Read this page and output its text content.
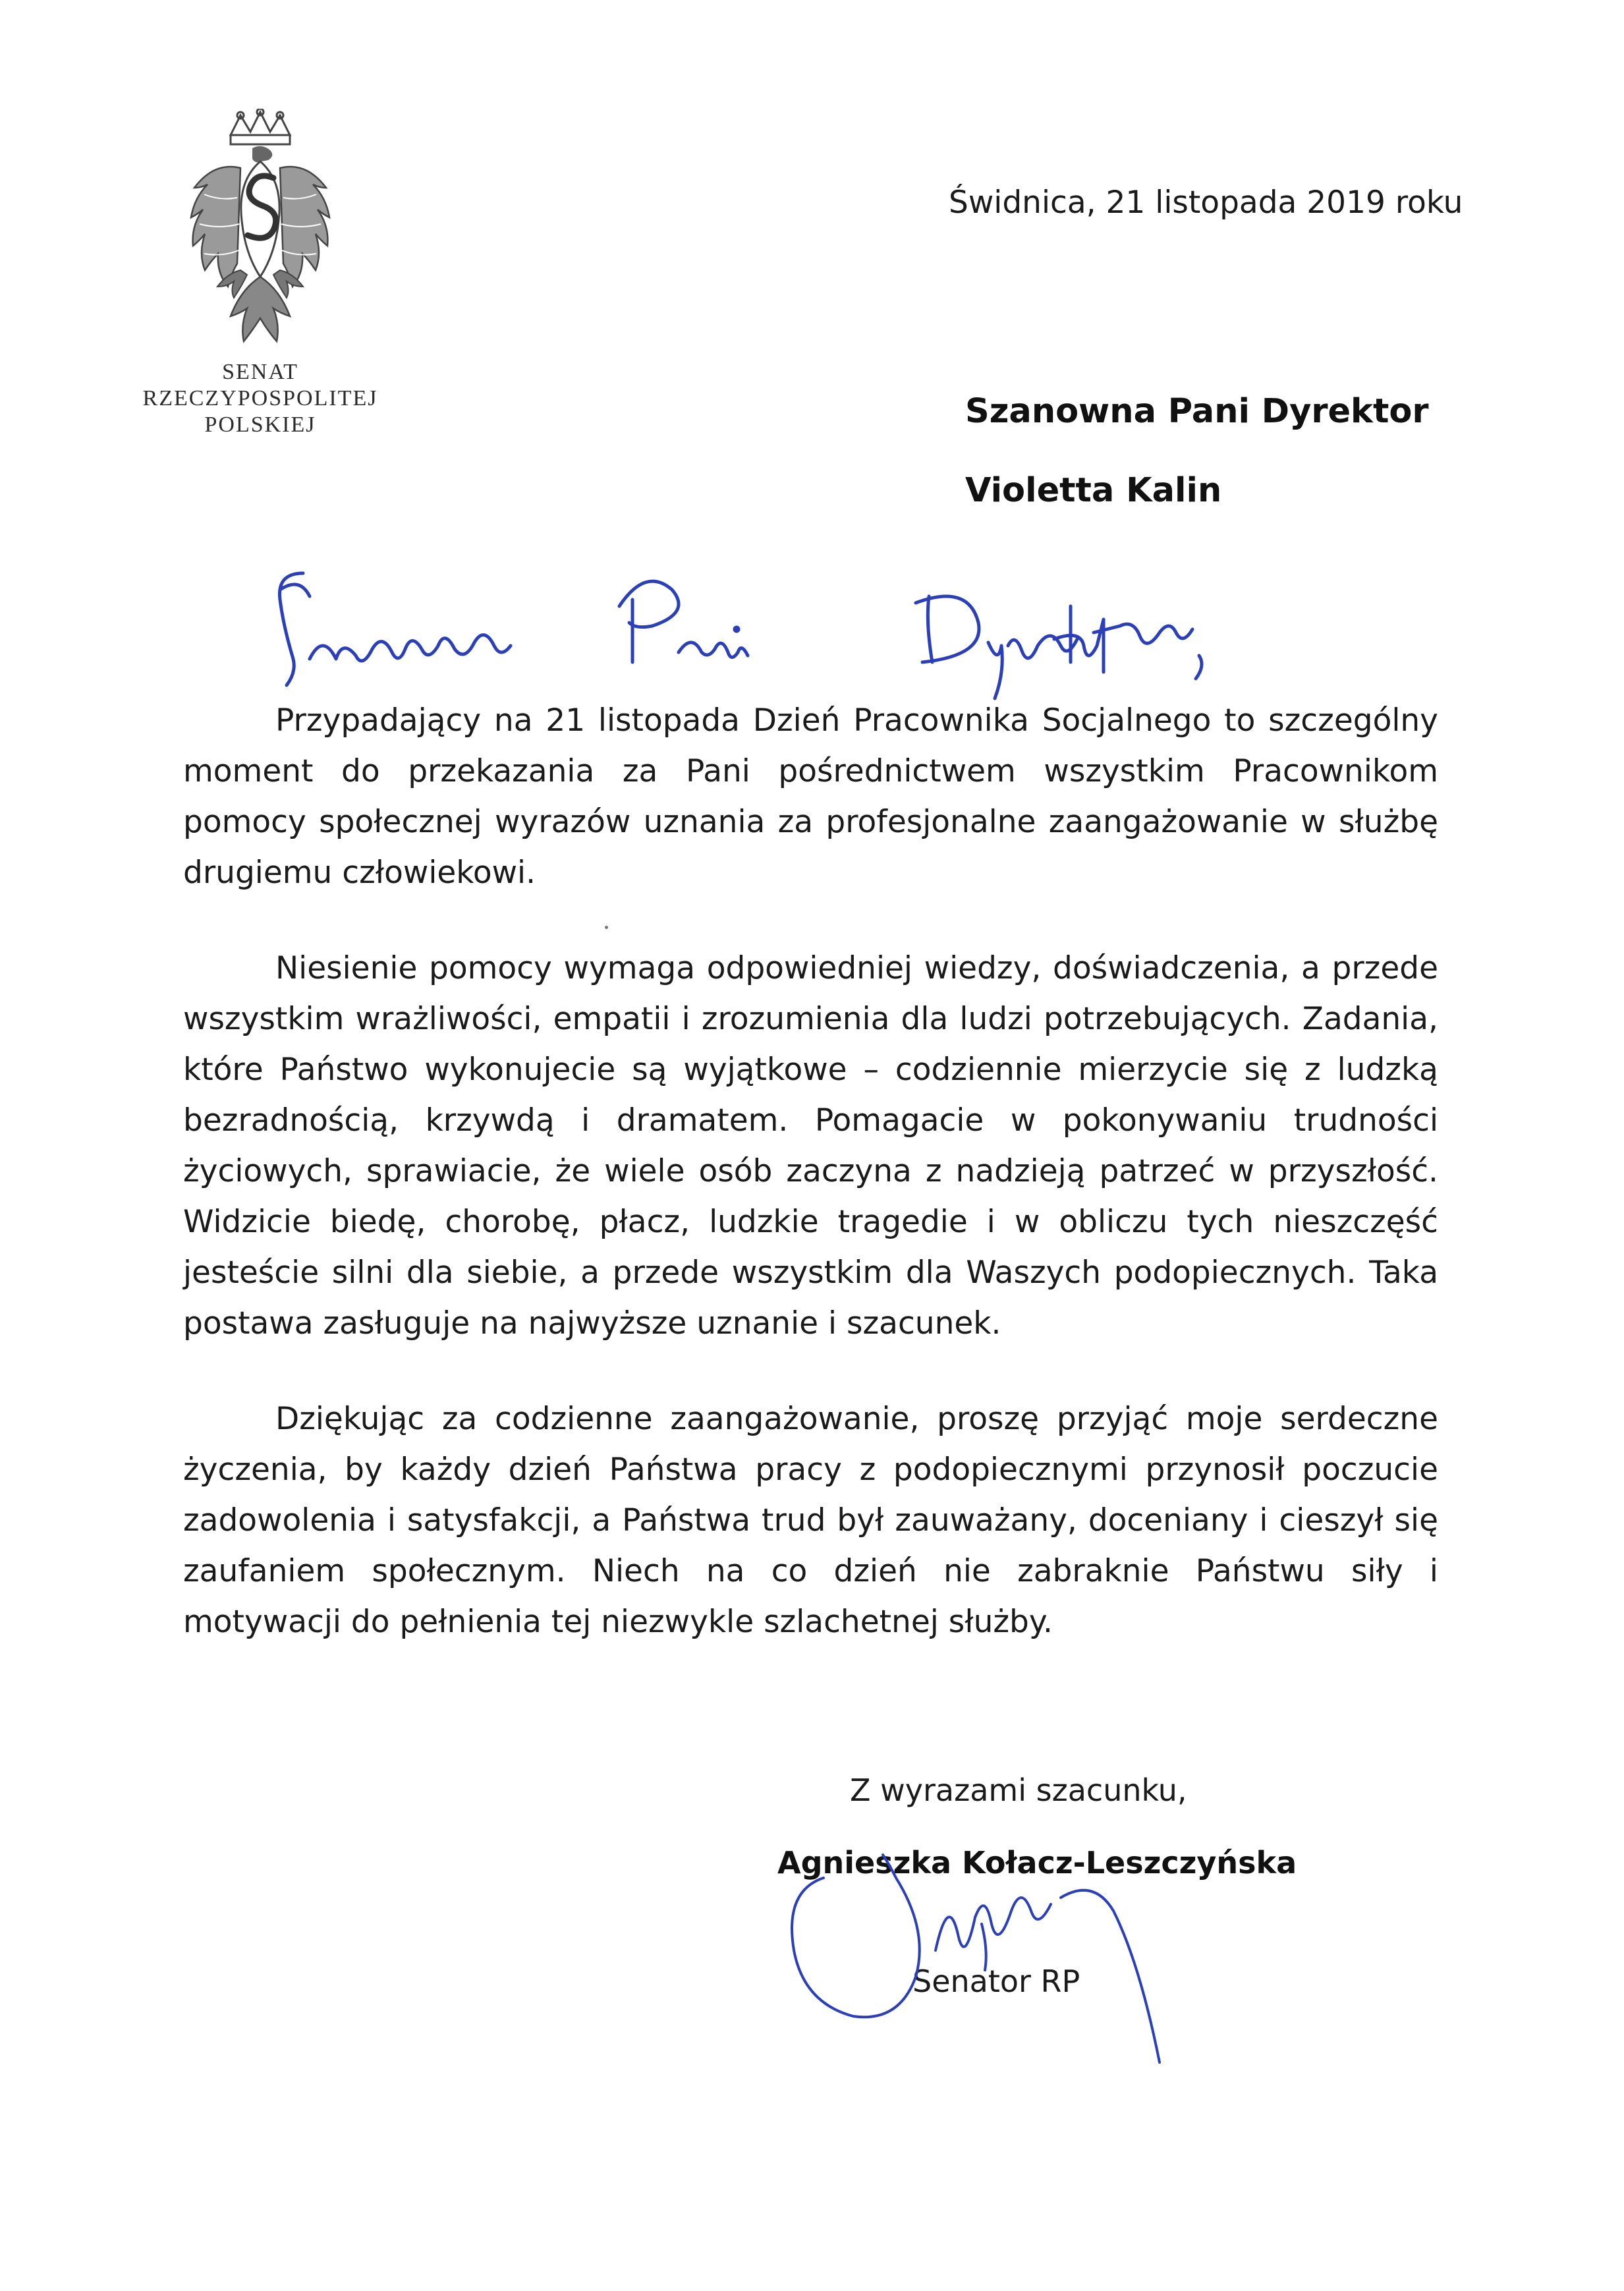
SENAT
RZECZYPOSPOLITEJ
POLSKIEJ
Świdnica, 21 listopada 2019 roku
Szanowna Pani Dyrektor
Violetta Kalin

Przypadający na 21 listopada Dzień Pracownika Socjalnego to szczególny moment do przekazania za Pani pośrednictwem wszystkim Pracownikom pomocy społecznej wyrazów uznania za profesjonalne zaangażowanie w służbę drugiemu człowiekowi.

Niesienie pomocy wymaga odpowiedniej wiedzy, doświadczenia, a przede wszystkim wrażliwości, empatii i zrozumienia dla ludzi potrzebujących. Zadania, które Państwo wykonujecie są wyjątkowe – codziennie mierzycie się z ludzką bezradnością, krzywdą i dramatem. Pomagacie w pokonywaniu trudności życiowych, sprawiacie, że wiele osób zaczyna z nadzieją patrzeć w przyszłość. Widzicie biedę, chorobę, płacz, ludzkie tragedie i w obliczu tych nieszczęść jesteście silni dla siebie, a przede wszystkim dla Waszych podopiecznych. Taka postawa zasługuje na najwyższe uznanie i szacunek.

Dziękując za codzienne zaangażowanie, proszę przyjąć moje serdeczne życzenia, by każdy dzień Państwa pracy z podopiecznymi przynosił poczucie zadowolenia i satysfakcji, a Państwa trud był zauważany, doceniany i cieszył się zaufaniem społecznym. Niech na co dzień nie zabraknie Państwu siły i motywacji do pełnienia tej niezwykle szlachetnej służby.

Z wyrazami szacunku,
Agnieszka Kołacz-Leszczyńska
Senator RP
